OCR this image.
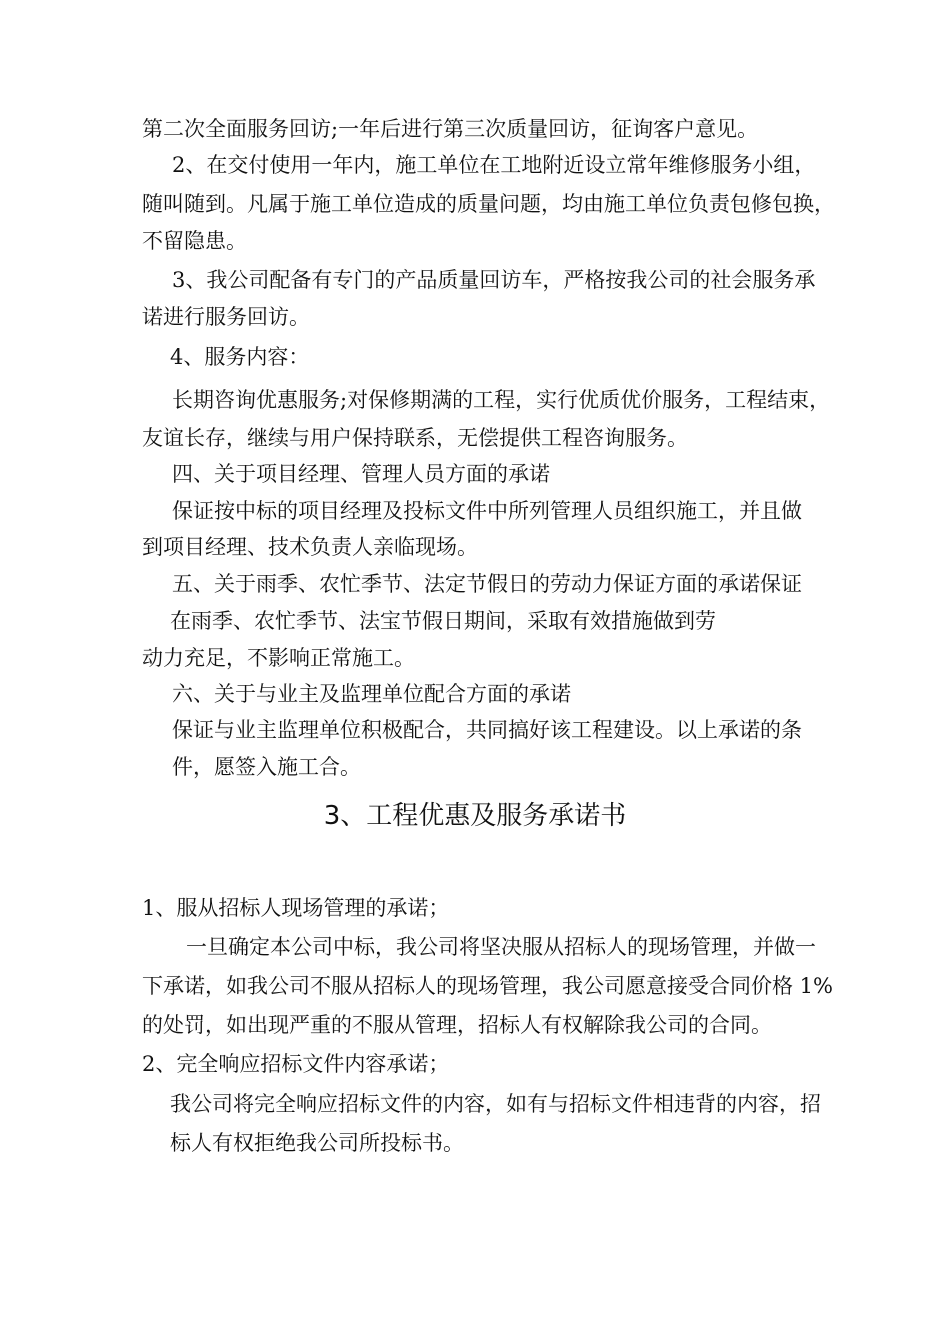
第二次全面服务回访;一年后进行第三次质量回访，征询客户意见。
2、在交付使用一年内，施工单位在工地附近设立常年维修服务小组，
随叫随到。凡属于施工单位造成的质量问题，均由施工单位负责包修包换，
不留隐患。
3、我公司配备有专门的产品质量回访车，严格按我公司的社会服务承
诺进行服务回访。
4、服务内容：
长期咨询优惠服务;对保修期满的工程，实行优质优价服务，工程结束，
友谊长存，继续与用户保持联系，无偿提供工程咨询服务。
四、关于项目经理、管理人员方面的承诺
保证按中标的项目经理及投标文件中所列管理人员组织施工，并且做
到项目经理、技术负责人亲临现场。
五、关于雨季、农忙季节、法定节假日的劳动力保证方面的承诺保证
在雨季、农忙季节、法宝节假日期间，采取有效措施做到劳
动力充足，不影响正常施工。
六、关于与业主及监理单位配合方面的承诺
保证与业主监理单位积极配合，共同搞好该工程建设。以上承诺的条
件，愿签入施工合。
3、工程优惠及服务承诺书
1、服从招标人现场管理的承诺；
一旦确定本公司中标，我公司将坚决服从招标人的现场管理，并做一
下承诺，如我公司不服从招标人的现场管理，我公司愿意接受合同价格 1%
的处罚，如出现严重的不服从管理，招标人有权解除我公司的合同。
2、完全响应招标文件内容承诺；
我公司将完全响应招标文件的内容，如有与招标文件相违背的内容，招
标人有权拒绝我公司所投标书。
